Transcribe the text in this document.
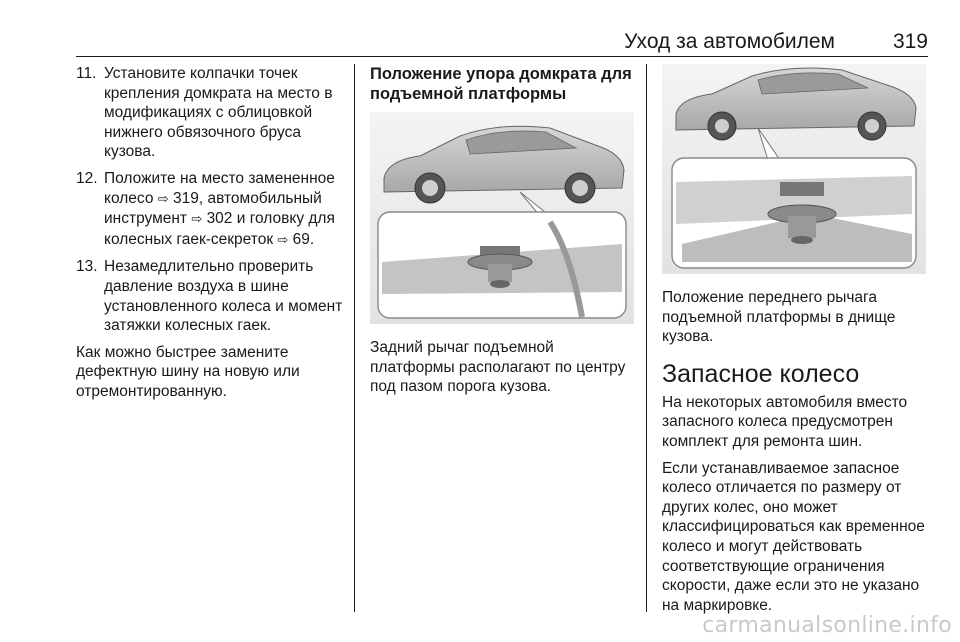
Уход за автомобилем	319
11. Установите колпачки точек крепления домкрата на место в модификациях с облицовкой нижнего обвязочного бруса кузова.
12. Положите на место замененное колесо ⇨ 319, автомобильный инструмент ⇨ 302 и головку для колесных гаек-секреток ⇨ 69.
13. Незамедлительно проверить давление воздуха в шине установленного колеса и момент затяжки колесных гаек.

Как можно быстрее замените дефектную шину на новую или отремонтированную.

Положение упора домкрата для подъемной платформы

Задний рычаг подъемной платформы располагают по центру под пазом порога кузова.

Положение переднего рычага подъемной платформы в днище кузова.

Запасное колесо

На некоторых автомобиля вместо запасного колеса предусмотрен комплект для ремонта шин.

Если устанавливаемое запасное колесо отличается по размеру от других колес, оно может классифицироваться как временное колесо и могут действовать соответствующие ограничения скорости, даже если это не указано на маркировке.

carmanualsonline.info
